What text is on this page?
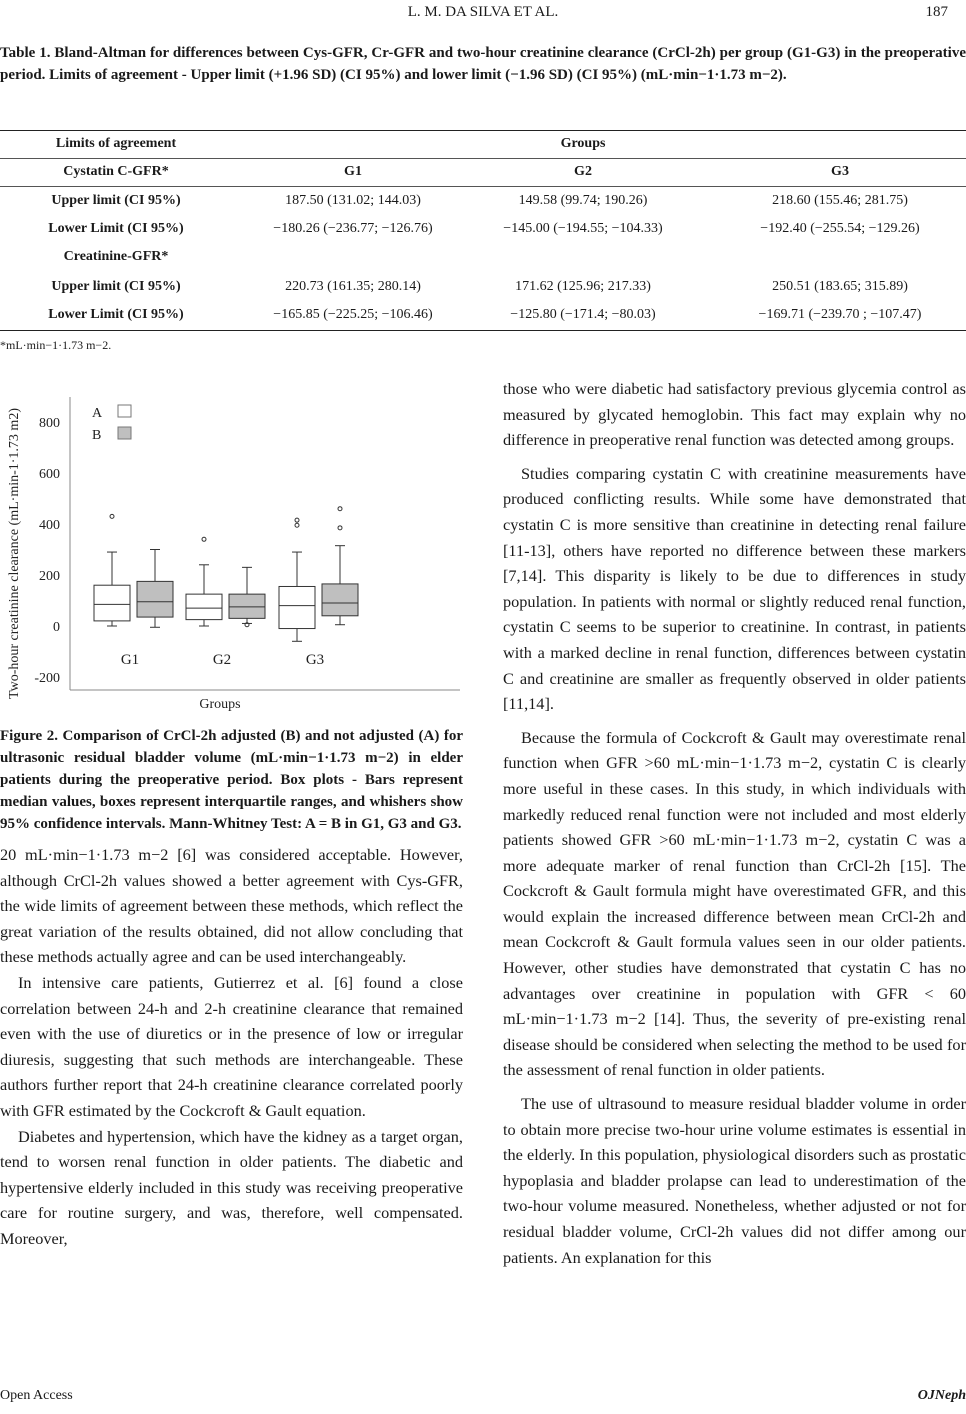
L. M. DA SILVA ET AL.	187
Table 1. Bland-Altman for differences between Cys-GFR, Cr-GFR and two-hour creatinine clearance (CrCl-2h) per group (G1-G3) in the preoperative period. Limits of agreement - Upper limit (+1.96 SD) (CI 95%) and lower limit (−1.96 SD) (CI 95%) (mL·min−1·1.73 m−2).
Limits of agreement	Groups
Cystatin C-GFR*	G1	G2	G3
Upper limit (CI 95%)	187.50 (131.02; 144.03)	149.58 (99.74; 190.26)	218.60 (155.46; 281.75)
Lower Limit (CI 95%)	−180.26 (−236.77; −126.76)	−145.00 (−194.55; −104.33)	−192.40 (−255.54; −129.26)
Creatinine-GFR*
Upper limit (CI 95%)	220.73 (161.35; 280.14)	171.62 (125.96; 217.33)	250.51 (183.65; 315.89)
Lower Limit (CI 95%)	−165.85 (−225.25; −106.46)	−125.80 (−171.4; −80.03)	−169.71 (−239.70 ; −107.47)
*mL·min−1·1.73 m−2.
-200
0
200
400
600
800
Two-hour creatinine clearance (mL·min-1·1.73 m2)
Groups
G1	G2	G3
A
B
Figure 2. Comparison of CrCl-2h adjusted (B) and not adjusted (A) for ultrasonic residual bladder volume (mL·min−1·1.73 m−2) in elder patients during the preoperative period. Box plots - Bars represent median values, boxes represent interquartile ranges, and whishers show 95% confidence intervals. Mann-Whitney Test: A = B in G1, G3 and G3.

20 mL·min−1·1.73 m−2 [6] was considered acceptable. However, although CrCl-2h values showed a better agreement with Cys-GFR, the wide limits of agreement between these methods, which reflect the great variation of the results obtained, did not allow concluding that these methods actually agree and can be used interchangeably.

In intensive care patients, Gutierrez et al. [6] found a close correlation between 24-h and 2-h creatinine clearance that remained even with the use of diuretics or in the presence of low or irregular diuresis, suggesting that such methods are interchangeable. These authors further report that 24-h creatinine clearance correlated poorly with GFR estimated by the Cockcroft & Gault equation.

Diabetes and hypertension, which have the kidney as a target organ, tend to worsen renal function in older patients. The diabetic and hypertensive elderly included in this study was receiving preoperative care for routine surgery, and was, therefore, well compensated. Moreover,

those who were diabetic had satisfactory previous glycemia control as measured by glycated hemoglobin. This fact may explain why no difference in preoperative renal function was detected among groups.

Studies comparing cystatin C with creatinine measurements have produced conflicting results. While some have demonstrated that cystatin C is more sensitive than creatinine in detecting renal failure [11-13], others have reported no difference between these markers [7,14]. This disparity is likely to be due to differences in study population. In patients with normal or slightly reduced renal function, cystatin C seems to be superior to creatinine. In contrast, in patients with a marked decline in renal function, differences between cystatin C and creatinine are smaller as frequently observed in older patients [11,14].

Because the formula of Cockcroft & Gault may overestimate renal function when GFR >60 mL·min−1·1.73 m−2, cystatin C is clearly more useful in these cases. In this study, in which individuals with markedly reduced renal function were not included and most elderly patients showed GFR >60 mL·min−1·1.73 m−2, cystatin C was a more adequate marker of renal function than CrCl-2h [15]. The Cockcroft & Gault formula might have overestimated GFR, and this would explain the increased difference between mean CrCl-2h and mean Cockcroft & Gault formula values seen in our older patients. However, other studies have demonstrated that cystatin C has no advantages over creatinine in population with GFR < 60 mL·min−1·1.73 m−2 [14]. Thus, the severity of pre-existing renal disease should be considered when selecting the method to be used for the assessment of renal function in older patients.

The use of ultrasound to measure residual bladder volume in order to obtain more precise two-hour urine volume estimates is essential in the elderly. In this population, physiological disorders such as prostatic hypoplasia and bladder prolapse can lead to underestimation of the two-hour volume measured. Nonetheless, whether adjusted or not for residual bladder volume, CrCl-2h values did not differ among our patients. An explanation for this

Open Access	OJNeph
